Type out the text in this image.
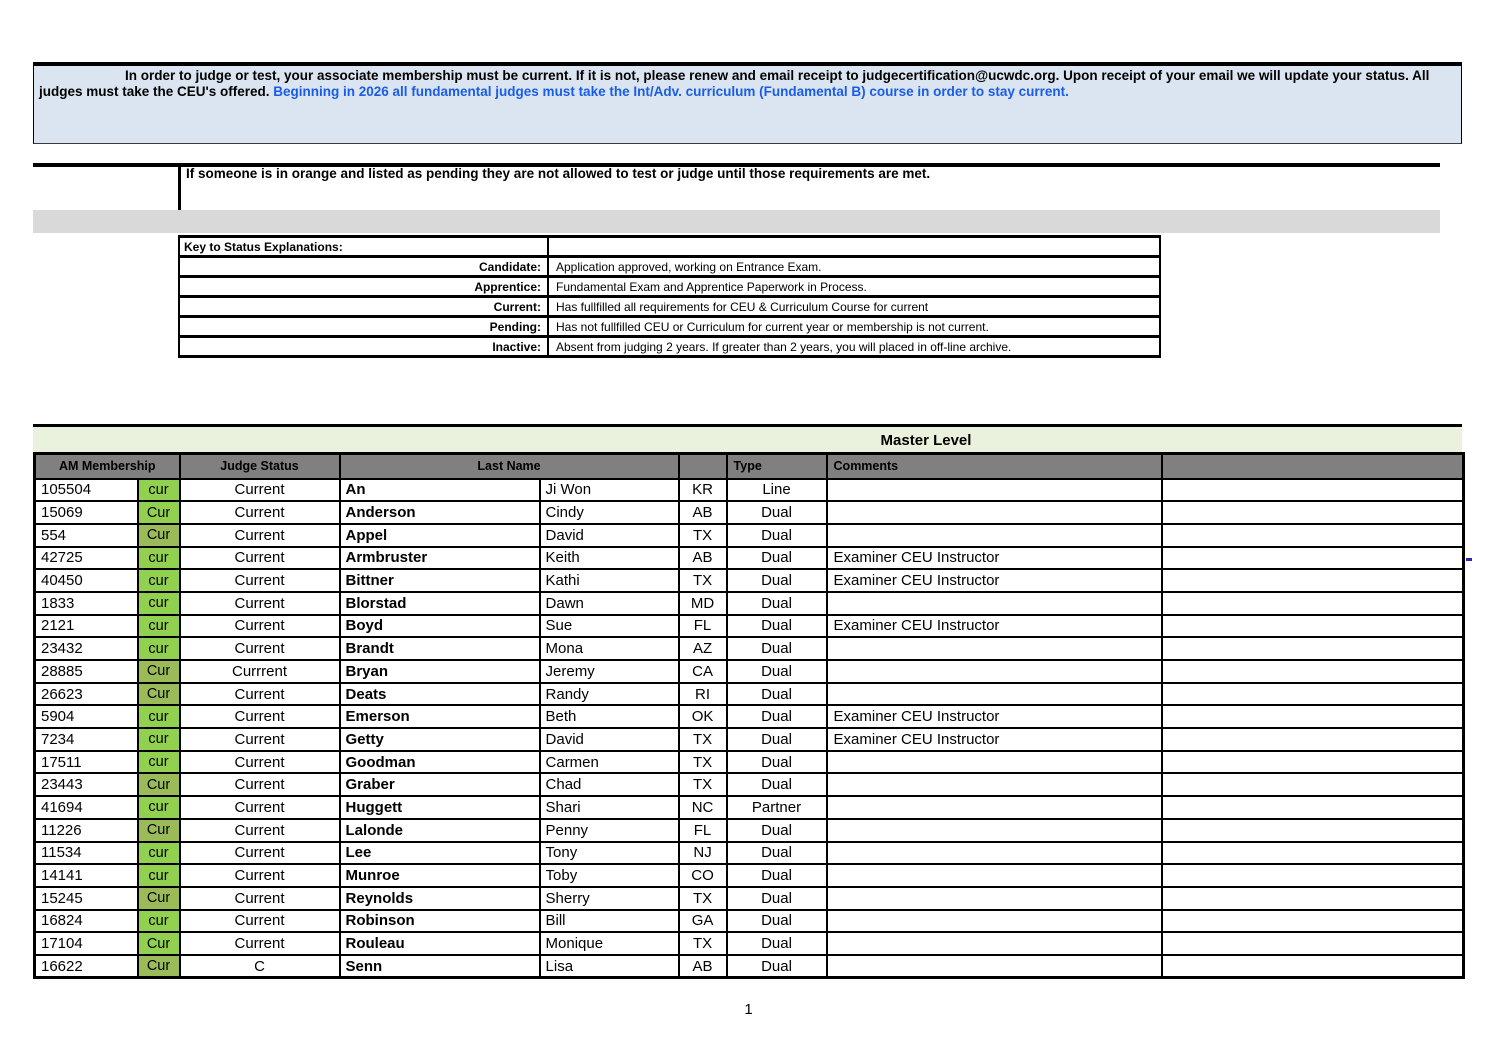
In order to judge or test, your associate membership must be current. If it is not, please renew and email receipt to judgecertification@ucwdc.org. Upon receipt of your email we will update your status. All judges must take the CEU's offered. Beginning in 2026 all fundamental judges must take the Int/Adv. curriculum (Fundamental B) course in order to stay current.

If someone is in orange and listed as pending they are not allowed to test or judge until those requirements are met.
Key to Status Explanations:	
Candidate:	Application approved, working on Entrance Exam.
Apprentice:	Fundamental Exam and Apprentice Paperwork in Process.
Current:	Has fullfilled all requirements for CEU & Curriculum Course for current
Pending:	Has not fullfilled CEU or Curriculum for current year or membership is not current.
Inactive:	Absent from judging 2 years. If greater than 2 years, you will placed in off-line archive.
Master Level
AM Membership		Judge Status	Last Name			Type	Comments	
105504	cur	Current	An	Ji Won	KR	Line		
15069	Cur	Current	Anderson	Cindy	AB	Dual		
554	Cur	Current	Appel	David	TX	Dual		
42725	cur	Current	Armbruster	Keith	AB	Dual	Examiner CEU Instructor	
40450	cur	Current	Bittner	Kathi	TX	Dual	Examiner CEU Instructor	
1833	cur	Current	Blorstad	Dawn	MD	Dual		
2121	cur	Current	Boyd	Sue	FL	Dual	Examiner CEU Instructor	
23432	cur	Current	Brandt	Mona	AZ	Dual		
28885	Cur	Currrent	Bryan	Jeremy	CA	Dual		
26623	Cur	Current	Deats	Randy	RI	Dual		
5904	cur	Current	Emerson	Beth	OK	Dual	Examiner CEU Instructor	
7234	cur	Current	Getty	David	TX	Dual	Examiner CEU Instructor	
17511	cur	Current	Goodman	Carmen	TX	Dual		
23443	Cur	Current	Graber	Chad	TX	Dual		
41694	cur	Current	Huggett	Shari	NC	Partner		
11226	Cur	Current	Lalonde	Penny	FL	Dual		
11534	cur	Current	Lee	Tony	NJ	Dual		
14141	cur	Current	Munroe	Toby	CO	Dual		
15245	Cur	Current	Reynolds	Sherry	TX	Dual		
16824	cur	Current	Robinson	Bill	GA	Dual		
17104	Cur	Current	Rouleau	Monique	TX	Dual		
16622	Cur	C	Senn	Lisa	AB	Dual		
1
